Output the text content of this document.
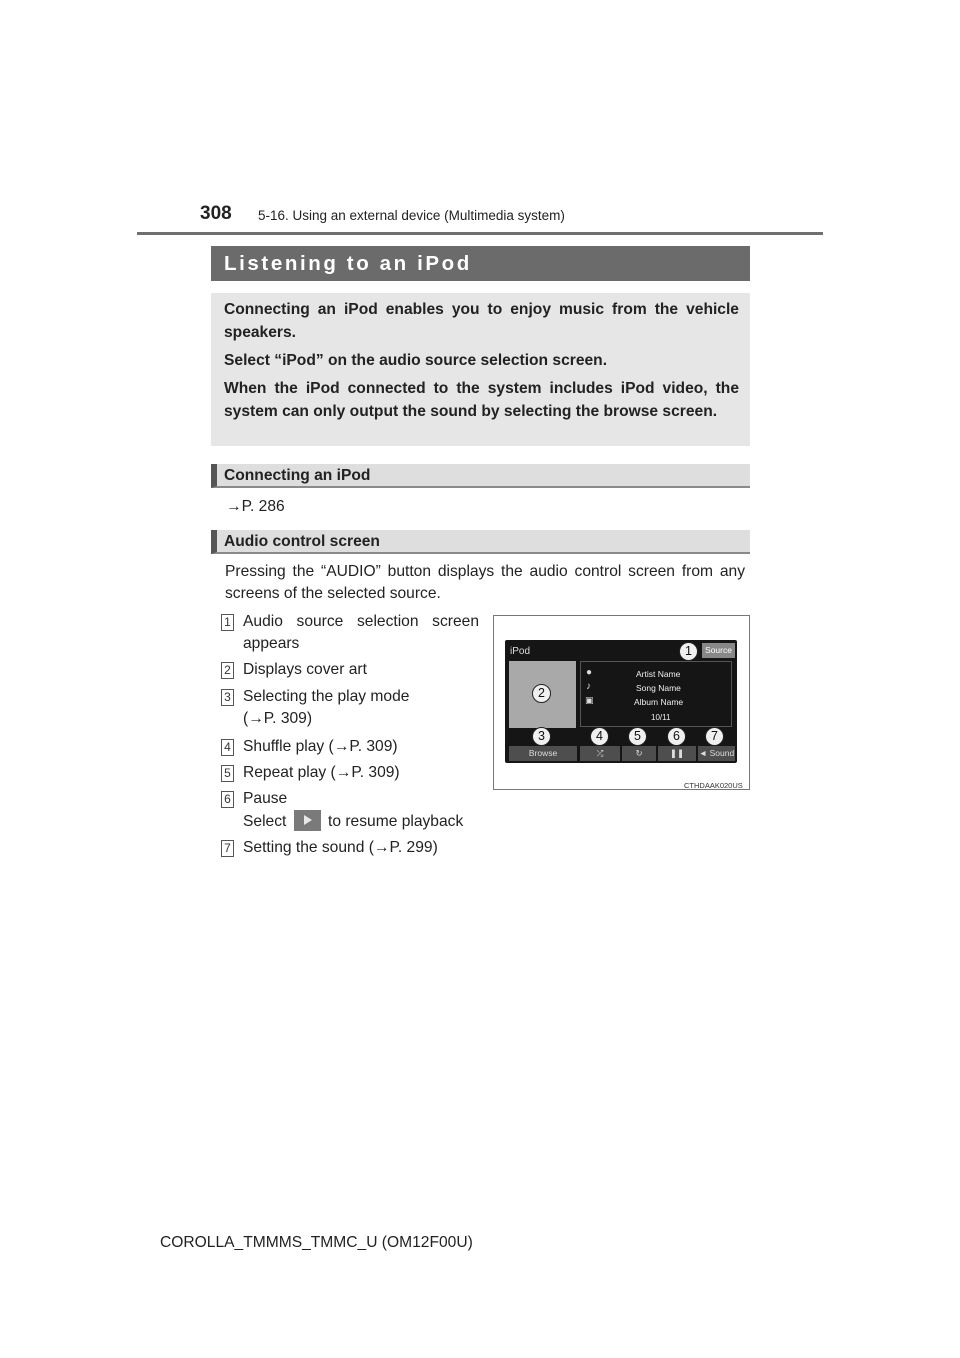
308 5-16. Using an external device (Multimedia system)
Listening to an iPod

Connecting an iPod enables you to enjoy music from the vehicle speakers.

Select “iPod” on the audio source selection screen.

When the iPod connected to the system includes iPod video, the system can only output the sound by selecting the browse screen.

Connecting an iPod
→P. 286
Audio control screen
Pressing the “AUDIO” button displays the audio control screen from any screens of the selected source.
1 Audio source selection screen
appears
2 Displays cover art
3 Selecting the play mode
(→P. 309)
4 Shuffle play (→P. 309)
5 Repeat play (→P. 309)
6 Pause
Select	to resume playback
7 Setting the sound (→P. 299)
iPod	Source
●	Artist Name
♪	Song Name
▣	Album Name
10/11
Browse	⤮	↻	❚❚	◄ Sound
1
2
3	4	5	6	7
CTHDAAK020US
COROLLA_TMMMS_TMMC_U (OM12F00U)
